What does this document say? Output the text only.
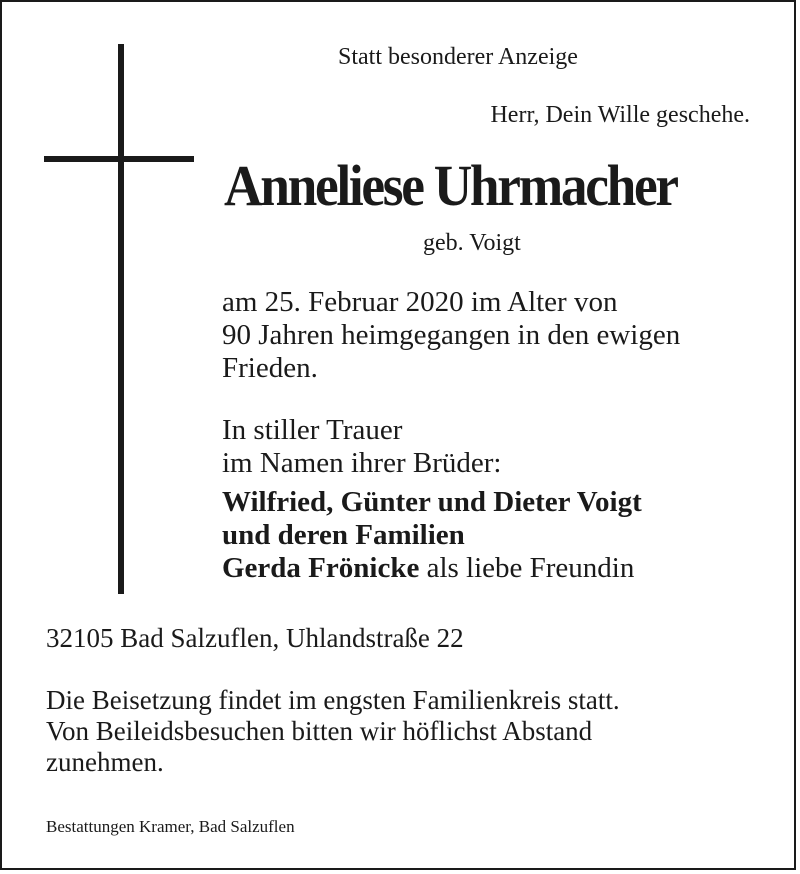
Statt besonderer Anzeige
Herr, Dein Wille geschehe.
Anneliese Uhrmacher
geb. Voigt
am 25. Februar 2020 im Alter von
90 Jahren heimgegangen in den ewigen
Frieden.
In stiller Trauer
im Namen ihrer Brüder:
Wilfried, Günter und Dieter Voigt
und deren Familien
Gerda Frönicke als liebe Freundin
32105 Bad Salzuflen, Uhlandstraße 22
Die Beisetzung findet im engsten Familienkreis statt.
Von Beileidsbesuchen bitten wir höflichst Abstand
zunehmen.
Bestattungen Kramer, Bad Salzuflen
